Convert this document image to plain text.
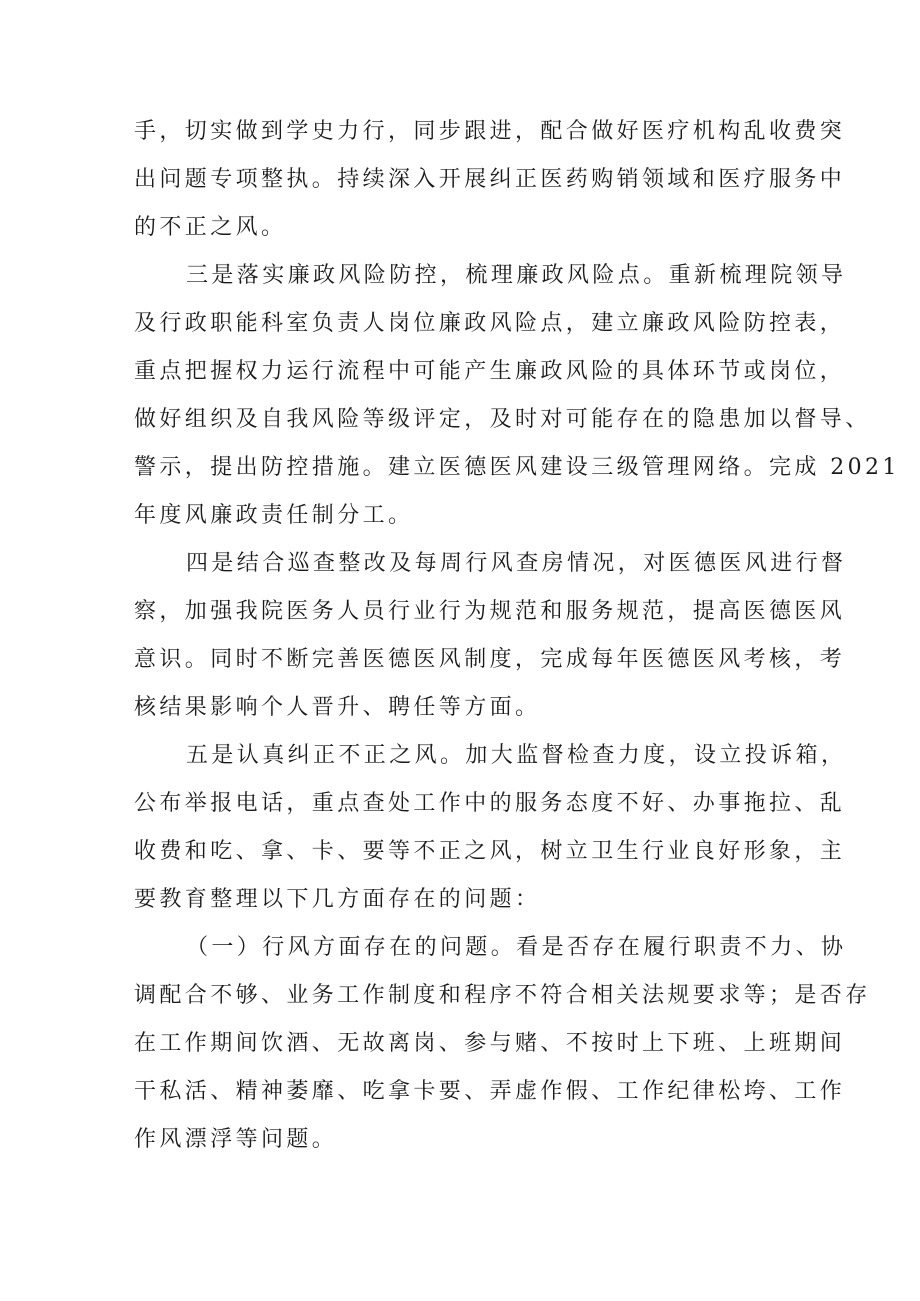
手，切实做到学史力行，同步跟进，配合做好医疗机构乱收费突

出问题专项整执。持续深入开展纠正医药购销领域和医疗服务中

的不正之风。

三是落实廉政风险防控，梳理廉政风险点。重新梳理院领导

及行政职能科室负责人岗位廉政风险点，建立廉政风险防控表，

重点把握权力运行流程中可能产生廉政风险的具体环节或岗位，

做好组织及自我风险等级评定，及时对可能存在的隐患加以督导、

警示，提出防控措施。建立医德医风建设三级管理网络。完成 2021

年度风廉政责任制分工。

四是结合巡查整改及每周行风查房情况，对医德医风进行督

察，加强我院医务人员行业行为规范和服务规范，提高医德医风

意识。同时不断完善医德医风制度，完成每年医德医风考核，考

核结果影响个人晋升、聘任等方面。

五是认真纠正不正之风。加大监督检查力度，设立投诉箱，

公布举报电话，重点查处工作中的服务态度不好、办事拖拉、乱

收费和吃、拿、卡、要等不正之风，树立卫生行业良好形象，主

要教育整理以下几方面存在的问题：

（一）行风方面存在的问题。看是否存在履行职责不力、协

调配合不够、业务工作制度和程序不符合相关法规要求等；是否存

在工作期间饮酒、无故离岗、参与赌、不按时上下班、上班期间

干私活、精神萎靡、吃拿卡要、弄虚作假、工作纪律松垮、工作

作风漂浮等问题。
